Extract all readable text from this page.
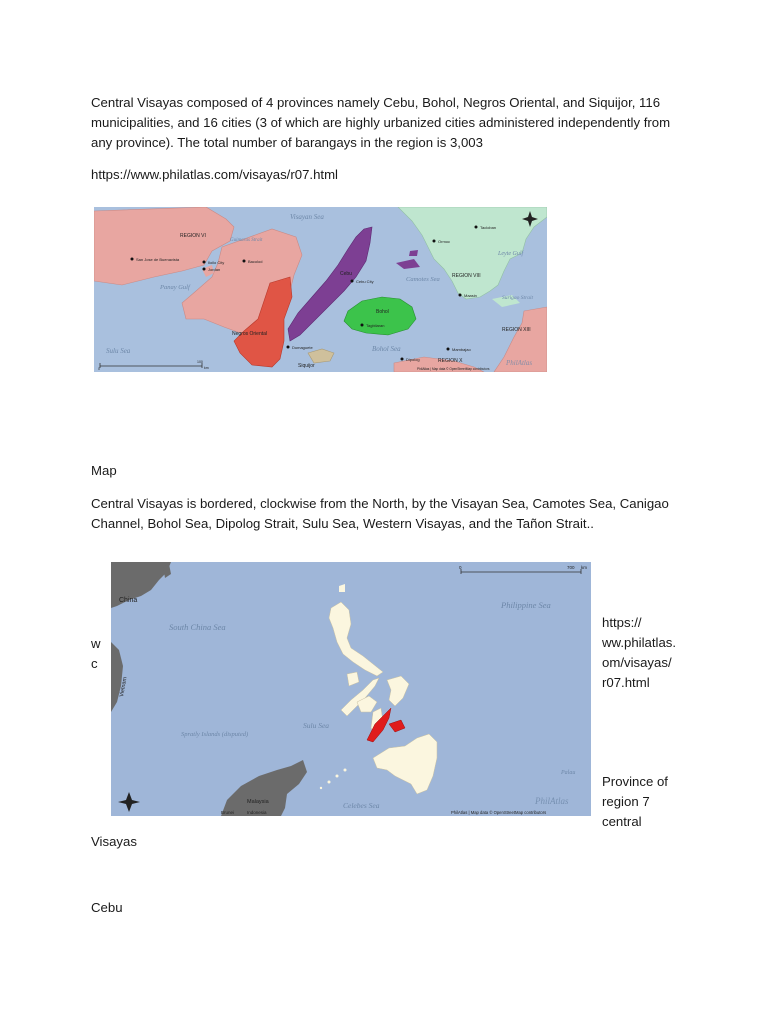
Central Visayas composed of 4 provinces namely Cebu, Bohol, Negros Oriental, and Siquijor, 116 municipalities, and 16 cities (3 of which are highly urbanized cities administered independently from any province). The total number of barangays in the region is 3,003
https://www.philatlas.com/visayas/r07.html
Visayan Sea
Camotes Sea
Panay Gulf
Sulu Sea	Bohol Sea
Guimaras Strait
Leyte Gulf
Surigao Strait
REGION VI
REGION VIII
REGION XIII
REGION X
Negros Oriental
Cebu
Bohol
Siquijor
San Jose de Buenavista
Iloilo City
Jordan
Bacolod
Cebu City
Tagbilaran
Dumaguete
Maasin
Tacloban
Ormoc
Dipolog
Mambajao
0
100
km
PhilAtlas
PhilAtlas | Map data © OpenStreetMap contributors
Map
Central Visayas is bordered, clockwise from the North, by the Visayan Sea, Camotes Sea, Canigao Channel, Bohol Sea, Dipolog Strait, Sulu Sea, Western Visayas, and the Tañon Strait..
w
c
China
South China Sea
Philippine Sea
Vietnam
Spratly Islands (disputed)
Sulu Sea
Palau
Malaysia
Brunei	Indonesia
Celebes Sea
0	700 km
PhilAtlas
PhilAtlas | Map data © OpenStreetMap contributors
https://
ww.philatlas.
om/visayas/
r07.html
Province of
region 7
central
Visayas
Cebu
